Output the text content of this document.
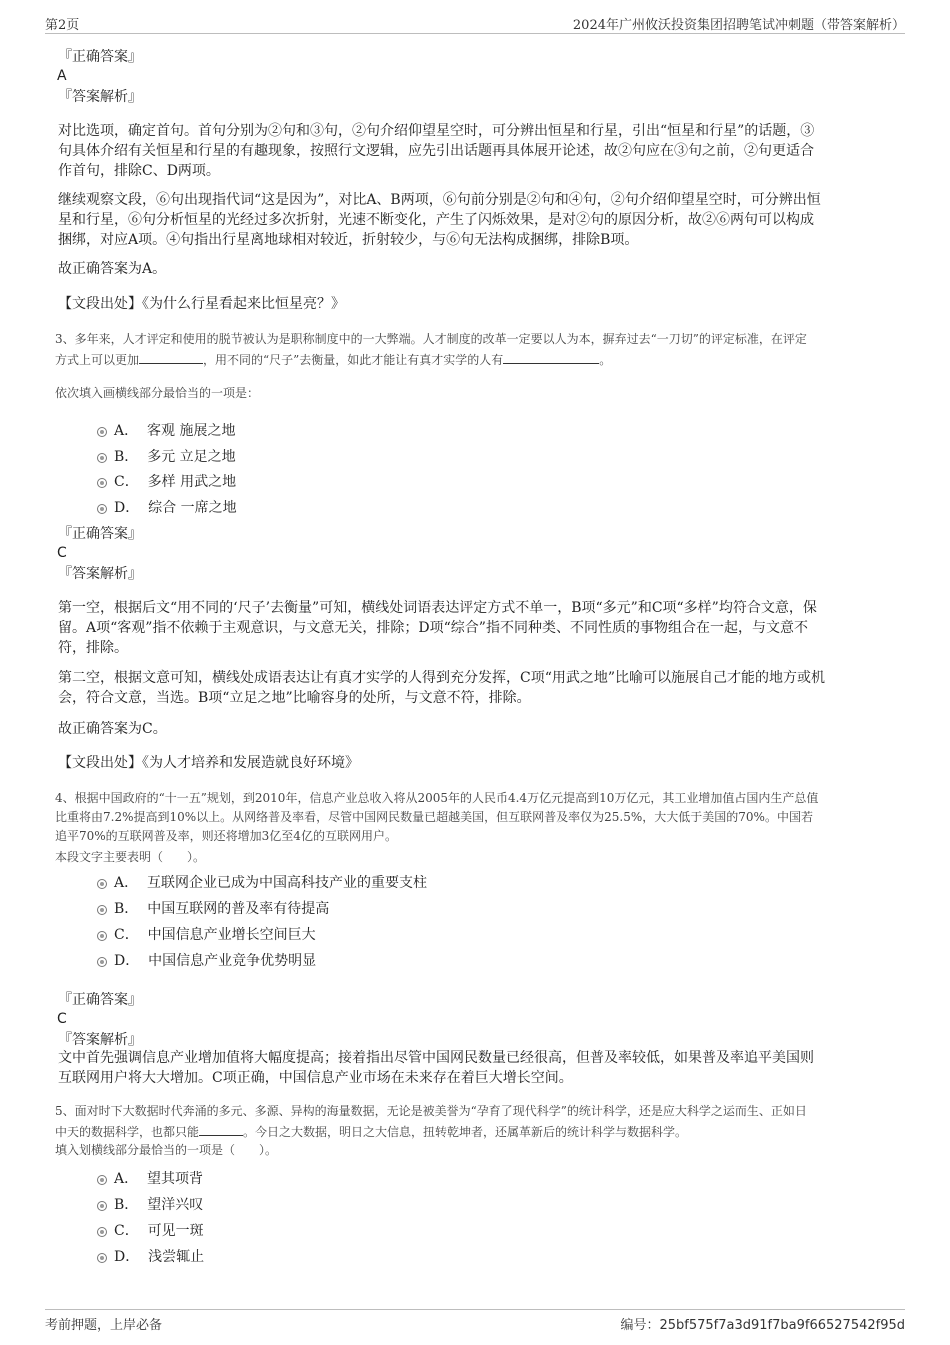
第2页	2024年广州攸沃投资集团招聘笔试冲刺题（带答案解析）
『正确答案』
A
『答案解析』
对比选项，确定首句。首句分别为②句和③句，②句介绍仰望星空时，可分辨出恒星和行星，引出“恒星和行星”的话题，③
句具体介绍有关恒星和行星的有趣现象，按照行文逻辑，应先引出话题再具体展开论述，故②句应在③句之前，②句更适合
作首句，排除C、D两项。
继续观察文段，⑥句出现指代词“这是因为”，对比A、B两项，⑥句前分别是②句和④句，②句介绍仰望星空时，可分辨出恒
星和行星，⑥句分析恒星的光经过多次折射，光速不断变化，产生了闪烁效果，是对②句的原因分析，故②⑥两句可以构成
捆绑，对应A项。④句指出行星离地球相对较近，折射较少，与⑥句无法构成捆绑，排除B项。
故正确答案为A。
【文段出处】《为什么行星看起来比恒星亮？》
3、多年来，人才评定和使用的脱节被认为是职称制度中的一大弊端。人才制度的改革一定要以人为本，摒弃过去“一刀切”的评定标准，在评定
方式上可以更加	，用不同的“尺子”去衡量，如此才能让有真才实学的人有	。
依次填入画横线部分最恰当的一项是：
A． 客观 施展之地
B． 多元 立足之地
C． 多样 用武之地
D． 综合 一席之地
『正确答案』
C
『答案解析』
第一空，根据后文“用不同的‘尺子’去衡量”可知，横线处词语表达评定方式不单一，B项“多元”和C项“多样”均符合文意，保
留。A项“客观”指不依赖于主观意识，与文意无关，排除；D项“综合”指不同种类、不同性质的事物组合在一起，与文意不
符，排除。
第二空，根据文意可知，横线处成语表达让有真才实学的人得到充分发挥，C项“用武之地”比喻可以施展自己才能的地方或机
会，符合文意，当选。B项“立足之地”比喻容身的处所，与文意不符，排除。
故正确答案为C。
【文段出处】《为人才培养和发展造就良好环境》
4、根据中国政府的“十一五”规划，到2010年，信息产业总收入将从2005年的人民币4.4万亿元提高到10万亿元，其工业增加值占国内生产总值
比重将由7.2%提高到10%以上。从网络普及率看，尽管中国网民数量已超越美国，但互联网普及率仅为25.5%，大大低于美国的70%。中国若
追平70%的互联网普及率，则还将增加3亿至4亿的互联网用户。
本段文字主要表明（　　）。
A． 互联网企业已成为中国高科技产业的重要支柱
B． 中国互联网的普及率有待提高
C． 中国信息产业增长空间巨大
D． 中国信息产业竞争优势明显
『正确答案』
C
『答案解析』
文中首先强调信息产业增加值将大幅度提高；接着指出尽管中国网民数量已经很高，但普及率较低，如果普及率追平美国则
互联网用户将大大增加。C项正确，中国信息产业市场在未来存在着巨大增长空间。
5、面对时下大数据时代奔涌的多元、多源、异构的海量数据，无论是被美誉为“孕育了现代科学”的统计科学，还是应大科学之运而生、正如日
中天的数据科学，也都只能	。今日之大数据，明日之大信息，扭转乾坤者，还属革新后的统计科学与数据科学。
填入划横线部分最恰当的一项是（　　）。
A． 望其项背
B． 望洋兴叹
C． 可见一斑
D． 浅尝辄止
考前押题，上岸必备	编号：25bf575f7a3d91f7ba9f66527542f95d
